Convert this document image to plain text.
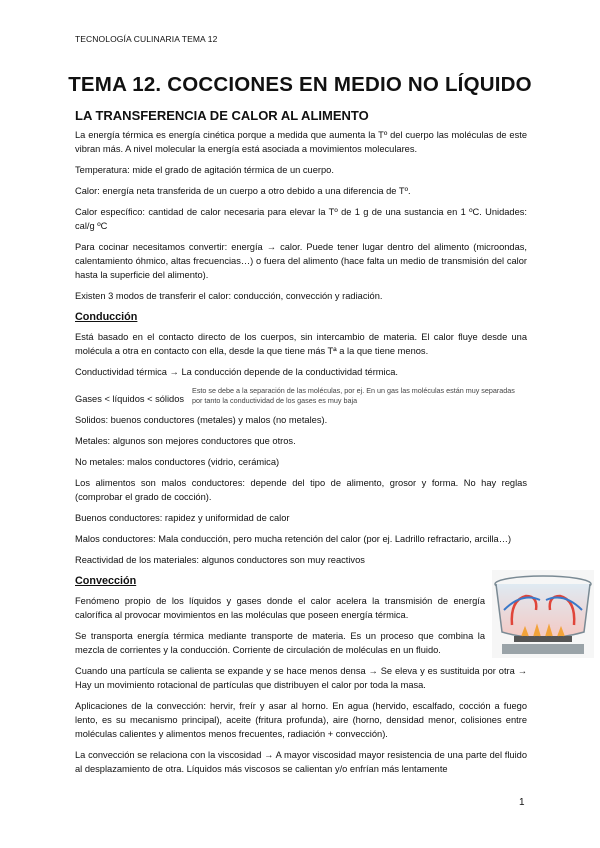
TECNOLOGÍA CULINARIA TEMA 12
TEMA 12. COCCIONES EN MEDIO NO LÍQUIDO
LA TRANSFERENCIA DE CALOR AL ALIMENTO

La energía térmica es energía cinética porque a medida que aumenta la Tº del cuerpo las moléculas de este vibran más. A nivel molecular la energía está asociada a movimientos moleculares.

Temperatura: mide el grado de agitación térmica de un cuerpo.

Calor: energía neta transferida de un cuerpo a otro debido a una diferencia de Tº.

Calor específico: cantidad de calor necesaria para elevar la Tº de 1 g de una sustancia en 1 ºC. Unidades: cal/g ºC

Para cocinar necesitamos convertir: energía → calor. Puede tener lugar dentro del alimento (microondas, calentamiento óhmico, altas frecuencias…) o fuera del alimento (hace falta un medio de transmisión del calor hasta la superficie del alimento).

Existen 3 modos de transferir el calor: conducción, convección y radiación.

Conducción

Está basado en el contacto directo de los cuerpos, sin intercambio de materia. El calor fluye desde una molécula a otra en contacto con ella, desde la que tiene más Tª a la que tiene menos.

Conductividad térmica → La conducción depende de la conductividad térmica.

Gases < líquidos < sólidos
Esto se debe a la separación de las moléculas, por ej. En un gas las moléculas están muy separadas por tanto la conductividad de los gases es muy baja

Solidos: buenos conductores (metales) y malos (no metales).

Metales: algunos son mejores conductores que otros.

No metales: malos conductores (vidrio, cerámica)

Los alimentos son malos conductores: depende del tipo de alimento, grosor y forma. No hay reglas (comprobar el grado de cocción).

Buenos conductores: rapidez y uniformidad de calor

Malos conductores: Mala conducción, pero mucha retención del calor (por ej. Ladrillo refractario, arcilla…)

Reactividad de los materiales: algunos conductores son muy reactivos

Convección

Fenómeno propio de los líquidos y gases donde el calor acelera la transmisión de energía calorífica al provocar movimientos en las moléculas que poseen energía térmica.

Se transporta energía térmica mediante transporte de materia. Es un proceso que combina la mezcla de corrientes y la conducción. Corriente de circulación de moléculas en un fluido.

Cuando una partícula se calienta se expande y se hace menos densa → Se eleva y es sustituida por otra → Hay un movimiento rotacional de partículas que distribuyen el calor por toda la masa.

Aplicaciones de la convección: hervir, freír y asar al horno. En agua (hervido, escalfado, cocción a fuego lento, es su mecanismo principal), aceite (fritura profunda), aire (horno, densidad menor, colisiones entre moléculas calientes y alimentos menos frecuentes, radiación + convección).

La convección se relaciona con la viscosidad → A mayor viscosidad mayor resistencia de una parte del fluido al desplazamiento de otra. Líquidos más viscosos se calientan y/o enfrían más lentamente

1
